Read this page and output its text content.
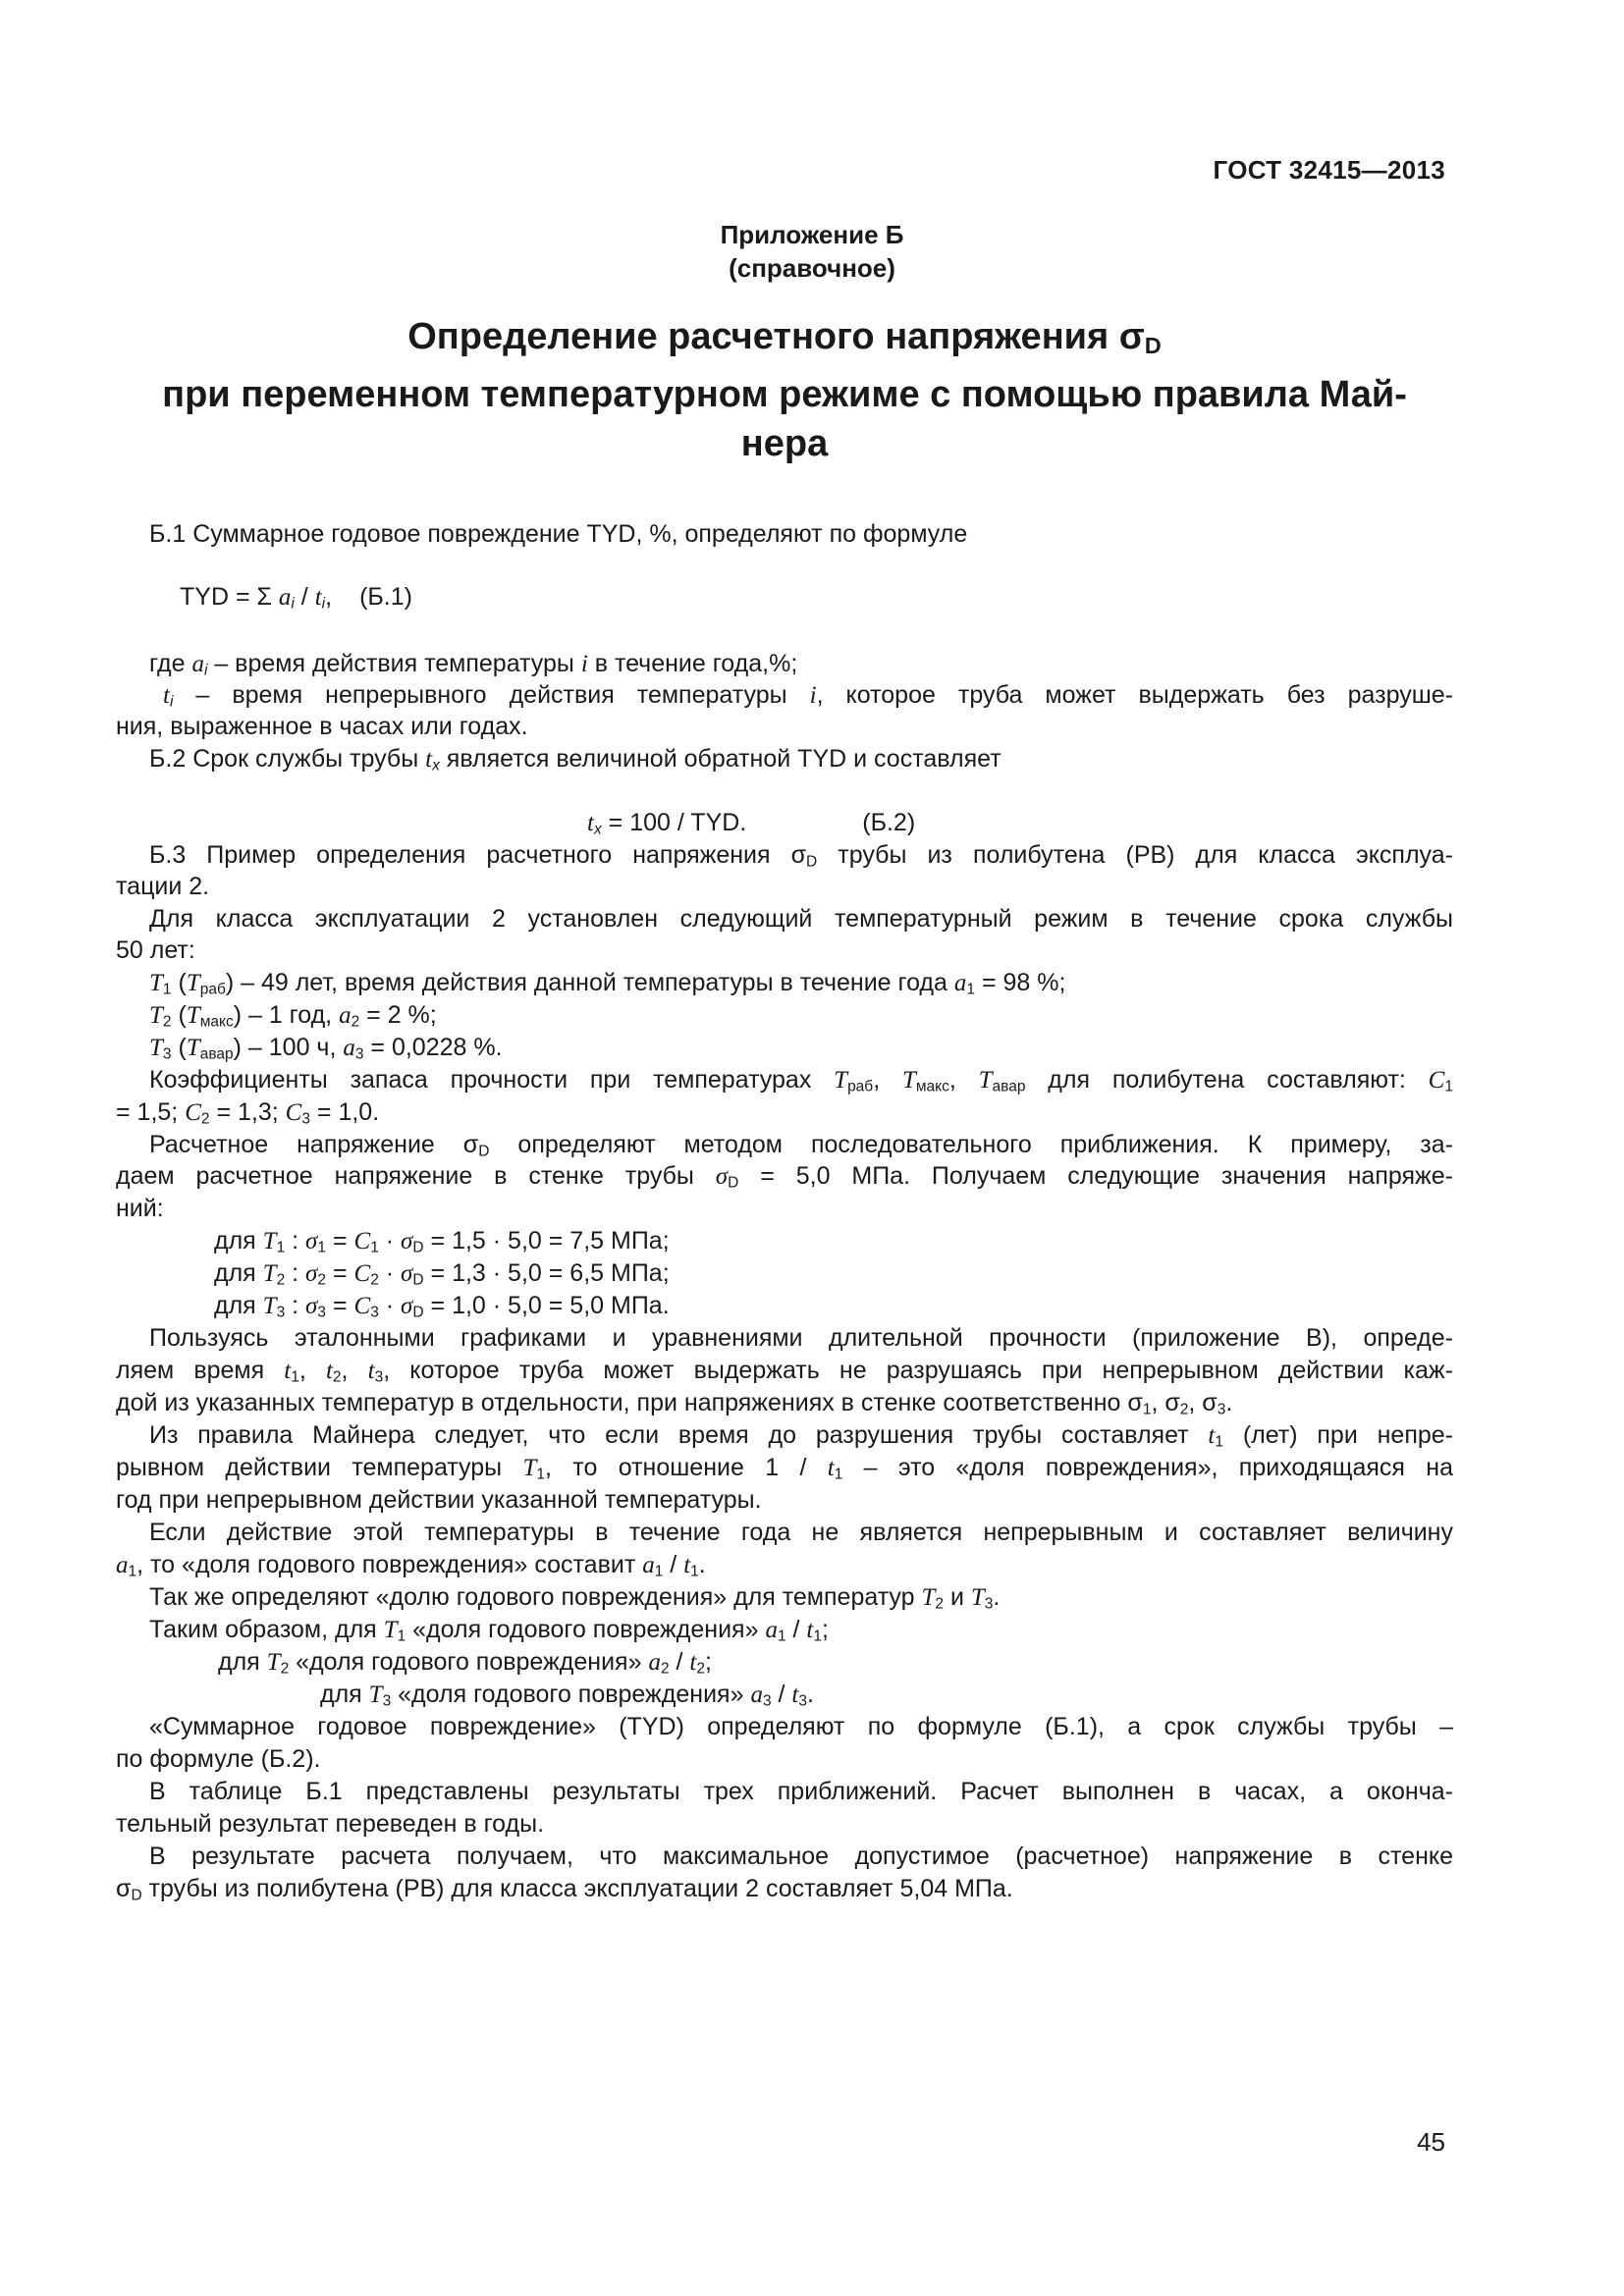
ГОСТ 32415—2013
Приложение Б
(справочное)
Определение расчетного напряжения $\sigma_D$
при переменном температурном режиме с помощью правила Май-
нера
Б.1 Суммарное годовое повреждение TYD, %, определяют по формуле
TYD = Σ ai / ti, (Б.1)
где ai – время действия температуры i в течение года,%;
ti – время непрерывного действия температуры i, которое труба может выдержать без разруше-
ния, выраженное в часах или годах.
Б.2 Срок службы трубы tx является величиной обратной TYD и составляет
tx = 100 / TYD.	(Б.2)
Б.3 Пример определения расчетного напряжения $\sigma_D$ трубы из полибутена (PB) для класса эксплуа-
тации 2.
Для класса эксплуатации 2 установлен следующий температурный режим в течение срока службы
50 лет:
$T_1$ $(T_{раб}) - 49$ лет, время действия данной температуры в течение года $a_1 = 98$ %;
$T_2$ $(T_{макс}) - 1$ год, $a_2 = 2$ %;
$T_3$ $(T_{авар}) - 100$ ч, $a_3 = 0,0228$ %.
Коэффициенты запаса прочности при температурах $T_{раб}$, $T_{макс}$, $T_{авар}$ для полибутена составляют: $C_1$
= 1,5; $C_2 = 1,3$; $C_3 = 1,0$.
Расчетное напряжение $\sigma_D$ определяют методом последовательного приближения. К примеру, за-
даем расчетное напряжение в стенке трубы $\sigma_D = 5,0$ МПа. Получаем следующие значения напряже-
ний:
для $T_1$ : $\sigma_1 = C_1 \cdot \sigma_D = 1,5 \cdot 5,0 = 7,5$ МПа;
для $T_2$ : $\sigma_2 = C_2 \cdot \sigma_D = 1,3 \cdot 5,0 = 6,5$ МПа;
для $T_3$ : $\sigma_3 = C_3 \cdot \sigma_D = 1,0 \cdot 5,0 = 5,0$ МПа.
Пользуясь эталонными графиками и уравнениями длительной прочности (приложение В), опреде-
ляем время $t_1$, $t_2$, $t_3$, которое труба может выдержать не разрушаясь при непрерывном действии каж-
дой из указанных температур в отдельности, при напряжениях в стенке соответственно $\sigma_1$, $\sigma_2$, $\sigma_3$.
Из правила Майнера следует, что если время до разрушения трубы составляет $t_1$ (лет) при непре-
рывном действии температуры $T_1$, то отношение $1 / t_1$ – это «доля повреждения», приходящаяся на
год при непрерывном действии указанной температуры.
Если действие этой температуры в течение года не является непрерывным и составляет величину
$a_1$, то «доля годового повреждения» составит $a_1 / t_1$.
Так же определяют «долю годового повреждения» для температур $T_2$ и $T_3$.
Таким образом, для $T_1$ «доля годового повреждения» $a_1 / t_1$;
для $T_2$ «доля годового повреждения» $a_2 / t_2$;
для $T_3$ «доля годового повреждения» $a_3 / t_3$.
«Суммарное годовое повреждение» (TYD) определяют по формуле (Б.1), а срок службы трубы –
по формуле (Б.2).
В таблице Б.1 представлены результаты трех приближений. Расчет выполнен в часах, а оконча-
тельный результат переведен в годы.
В результате расчета получаем, что максимальное допустимое (расчетное) напряжение в стенке
$\sigma_D$ трубы из полибутена (PB) для класса эксплуатации 2 составляет 5,04 МПа.
45
